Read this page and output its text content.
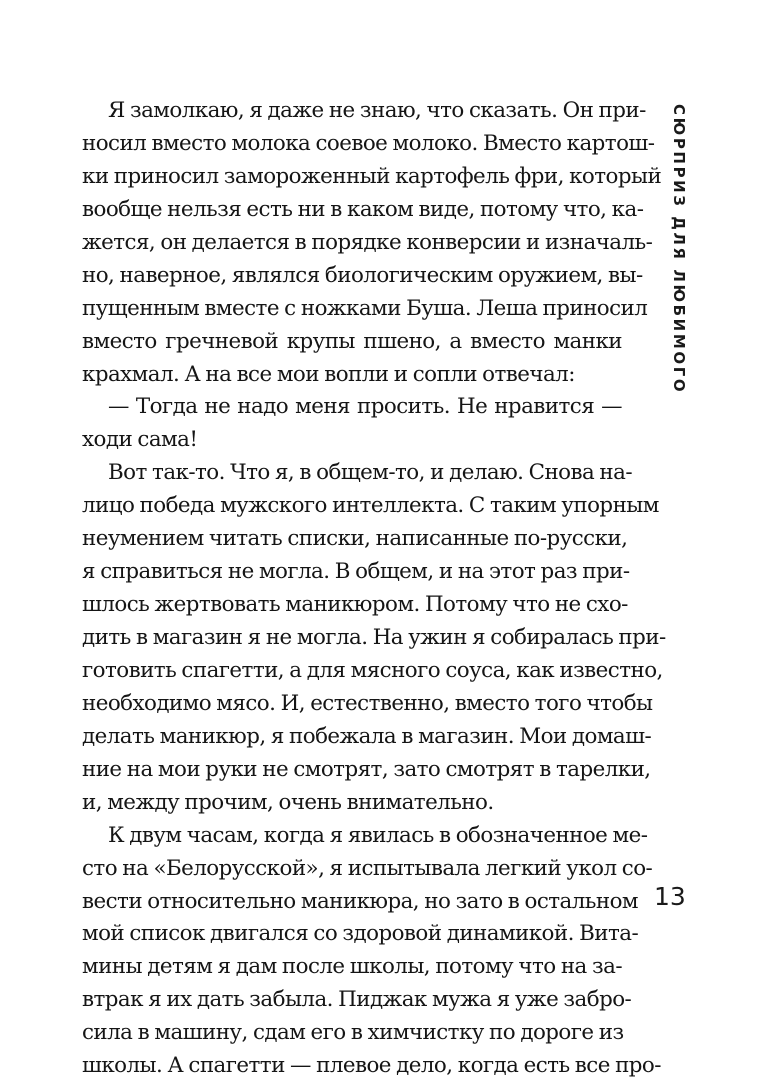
Я замолкаю, я даже не знаю, что сказать. Он при-
носил вместо молока соевое молоко. Вместо картош-
ки приносил замороженный картофель фри, который
вообще нельзя есть ни в каком виде, потому что, ка-
жется, он делается в порядке конверсии и изначаль-
но, наверное, являлся биологическим оружием, вы-
пущенным вместе с ножками Буша. Леша приносил
вместо гречневой крупы пшено, а вместо манки
крахмал. А на все мои вопли и сопли отвечал:
— Тогда не надо меня просить. Не нравится —
ходи сама!
Вот так-то. Что я, в общем-то, и делаю. Снова на-
лицо победа мужского интеллекта. С таким упорным
неумением читать списки, написанные по-русски,
я справиться не могла. В общем, и на этот раз при-
шлось жертвовать маникюром. Потому что не схо-
дить в магазин я не могла. На ужин я собиралась при-
готовить спагетти, а для мясного соуса, как известно,
необходимо мясо. И, естественно, вместо того чтобы
делать маникюр, я побежала в магазин. Мои домаш-
ние на мои руки не смотрят, зато смотрят в тарелки,
и, между прочим, очень внимательно.
К двум часам, когда я явилась в обозначенное ме-
сто на «Белорусской», я испытывала легкий укол со-
вести относительно маникюра, но зато в остальном
мой список двигался со здоровой динамикой. Вита-
мины детям я дам после школы, потому что на за-
втрак я их дать забыла. Пиджак мужа я уже забро-
сила в машину, сдам его в химчистку по дороге из
школы. А спагетти — плевое дело, когда есть все про-
СЮРПРИЗ ДЛЯ ЛЮБИМОГО
13
